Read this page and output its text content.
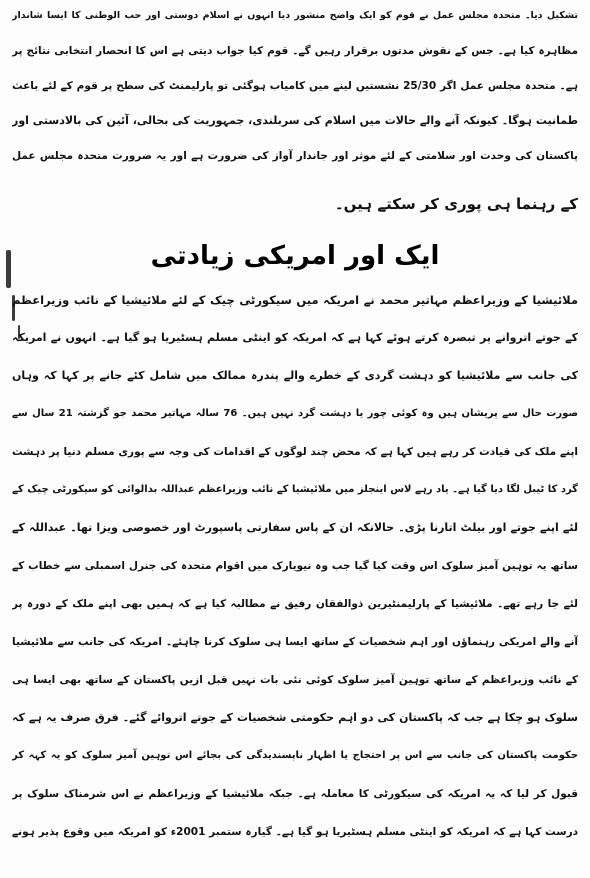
تشکیل دیا۔ متحدہ مجلس عمل نے قوم کو ایک واضح منشور دیا انہوں نے اسلام دوستی اور حب الوطنی کا ایسا شاندار
مظاہرہ کیا ہے۔ جس کے نقوش مدتوں برقرار رہیں گے۔ قوم کیا جواب دیتی ہے اس کا انحصار انتخابی نتائج پر
ہے۔ متحدہ مجلس عمل اگر 25/30 نشستیں لینے میں کامیاب ہوگئی تو پارلیمنٹ کی سطح پر قوم کے لئے باعث
طمانیت ہوگا۔ کیونکہ آنے والے حالات میں اسلام کی سربلندی، جمہوریت کی بحالی، آئین کی بالادستی اور
پاکستان کی وحدت اور سلامتی کے لئے موثر اور جاندار آواز کی ضرورت ہے اور یہ ضرورت متحدہ مجلس عمل
کے رہنما ہی پوری کر سکتے ہیں۔
ایک اور امریکی زیادتی
ملائیشیا کے وزیراعظم مہاتیر محمد نے امریکہ میں سیکورٹی چیک کے لئے ملائیشیا کے نائب وزیراعظم
کے جوتے اتروانے پر تبصرہ کرتے ہوئے کہا ہے کہ امریکہ کو اینٹی مسلم ہسٹیریا ہو گیا ہے۔ انہوں نے امریکہ
کی جانب سے ملائیشیا کو دہشت گردی کے خطرے والے پندرہ ممالک میں شامل کئے جانے پر کہا کہ وہاں
صورت حال سے پریشان ہیں وہ کوئی چور یا دہشت گرد نہیں ہیں۔ 76 سالہ مہاتیر محمد جو گزشتہ 21 سال سے
اپنے ملک کی قیادت کر رہے ہیں کہا ہے کہ محض چند لوگوں کے اقدامات کی وجہ سے پوری مسلم دنیا پر دہشت
گرد کا ٹیبل لگا دیا گیا ہے۔ یاد رہے لاس اینجلز میں ملائیشیا کے نائب وزیراعظم عبداللہ بدالوائی کو سیکورٹی چیک کے
لئے اپنے جوتے اور بیلٹ اتارنا پڑی۔ حالانکہ ان کے پاس سفارتی پاسپورٹ اور خصوصی ویزا تھا۔ عبداللہ کے
ساتھ یہ توہین آمیز سلوک اس وقت کیا گیا جب وہ نیویارک میں اقوام متحدہ کی جنرل اسمبلی سے خطاب کے
لئے جا رہے تھے۔ ملائیشیا کے پارلیمنٹیرین ذوالفقان رفیق نے مطالبہ کیا ہے کہ ہمیں بھی اپنے ملک کے دورہ پر
آنے والے امریکی رہنماؤں اور اہم شخصیات کے ساتھ ایسا ہی سلوک کرنا چاہئے۔ امریکہ کی جانب سے ملائیشیا
کے نائب وزیراعظم کے ساتھ توہین آمیز سلوک کوئی نئی بات نہیں قبل ازیں پاکستان کے ساتھ بھی ایسا ہی
سلوک ہو چکا ہے جب کہ پاکستان کی دو اہم حکومتی شخصیات کے جوتے اتروائے گئے۔ فرق صرف یہ ہے کہ
حکومت پاکستان کی جانب سے اس پر احتجاج یا اظہار ناپسندیدگی کی بجائے اس توہین آمیز سلوک کو یہ کہہ کر
قبول کر لیا کہ یہ امریکہ کی سیکورٹی کا معاملہ ہے۔ جبکہ ملائیشیا کے وزیراعظم نے اس شرمناک سلوک پر
درست کہا ہے کہ امریکہ کو اینٹی مسلم ہسٹیریا ہو گیا ہے۔ گیارہ ستمبر 2001ء کو امریکہ میں وقوع پذیر ہونے
